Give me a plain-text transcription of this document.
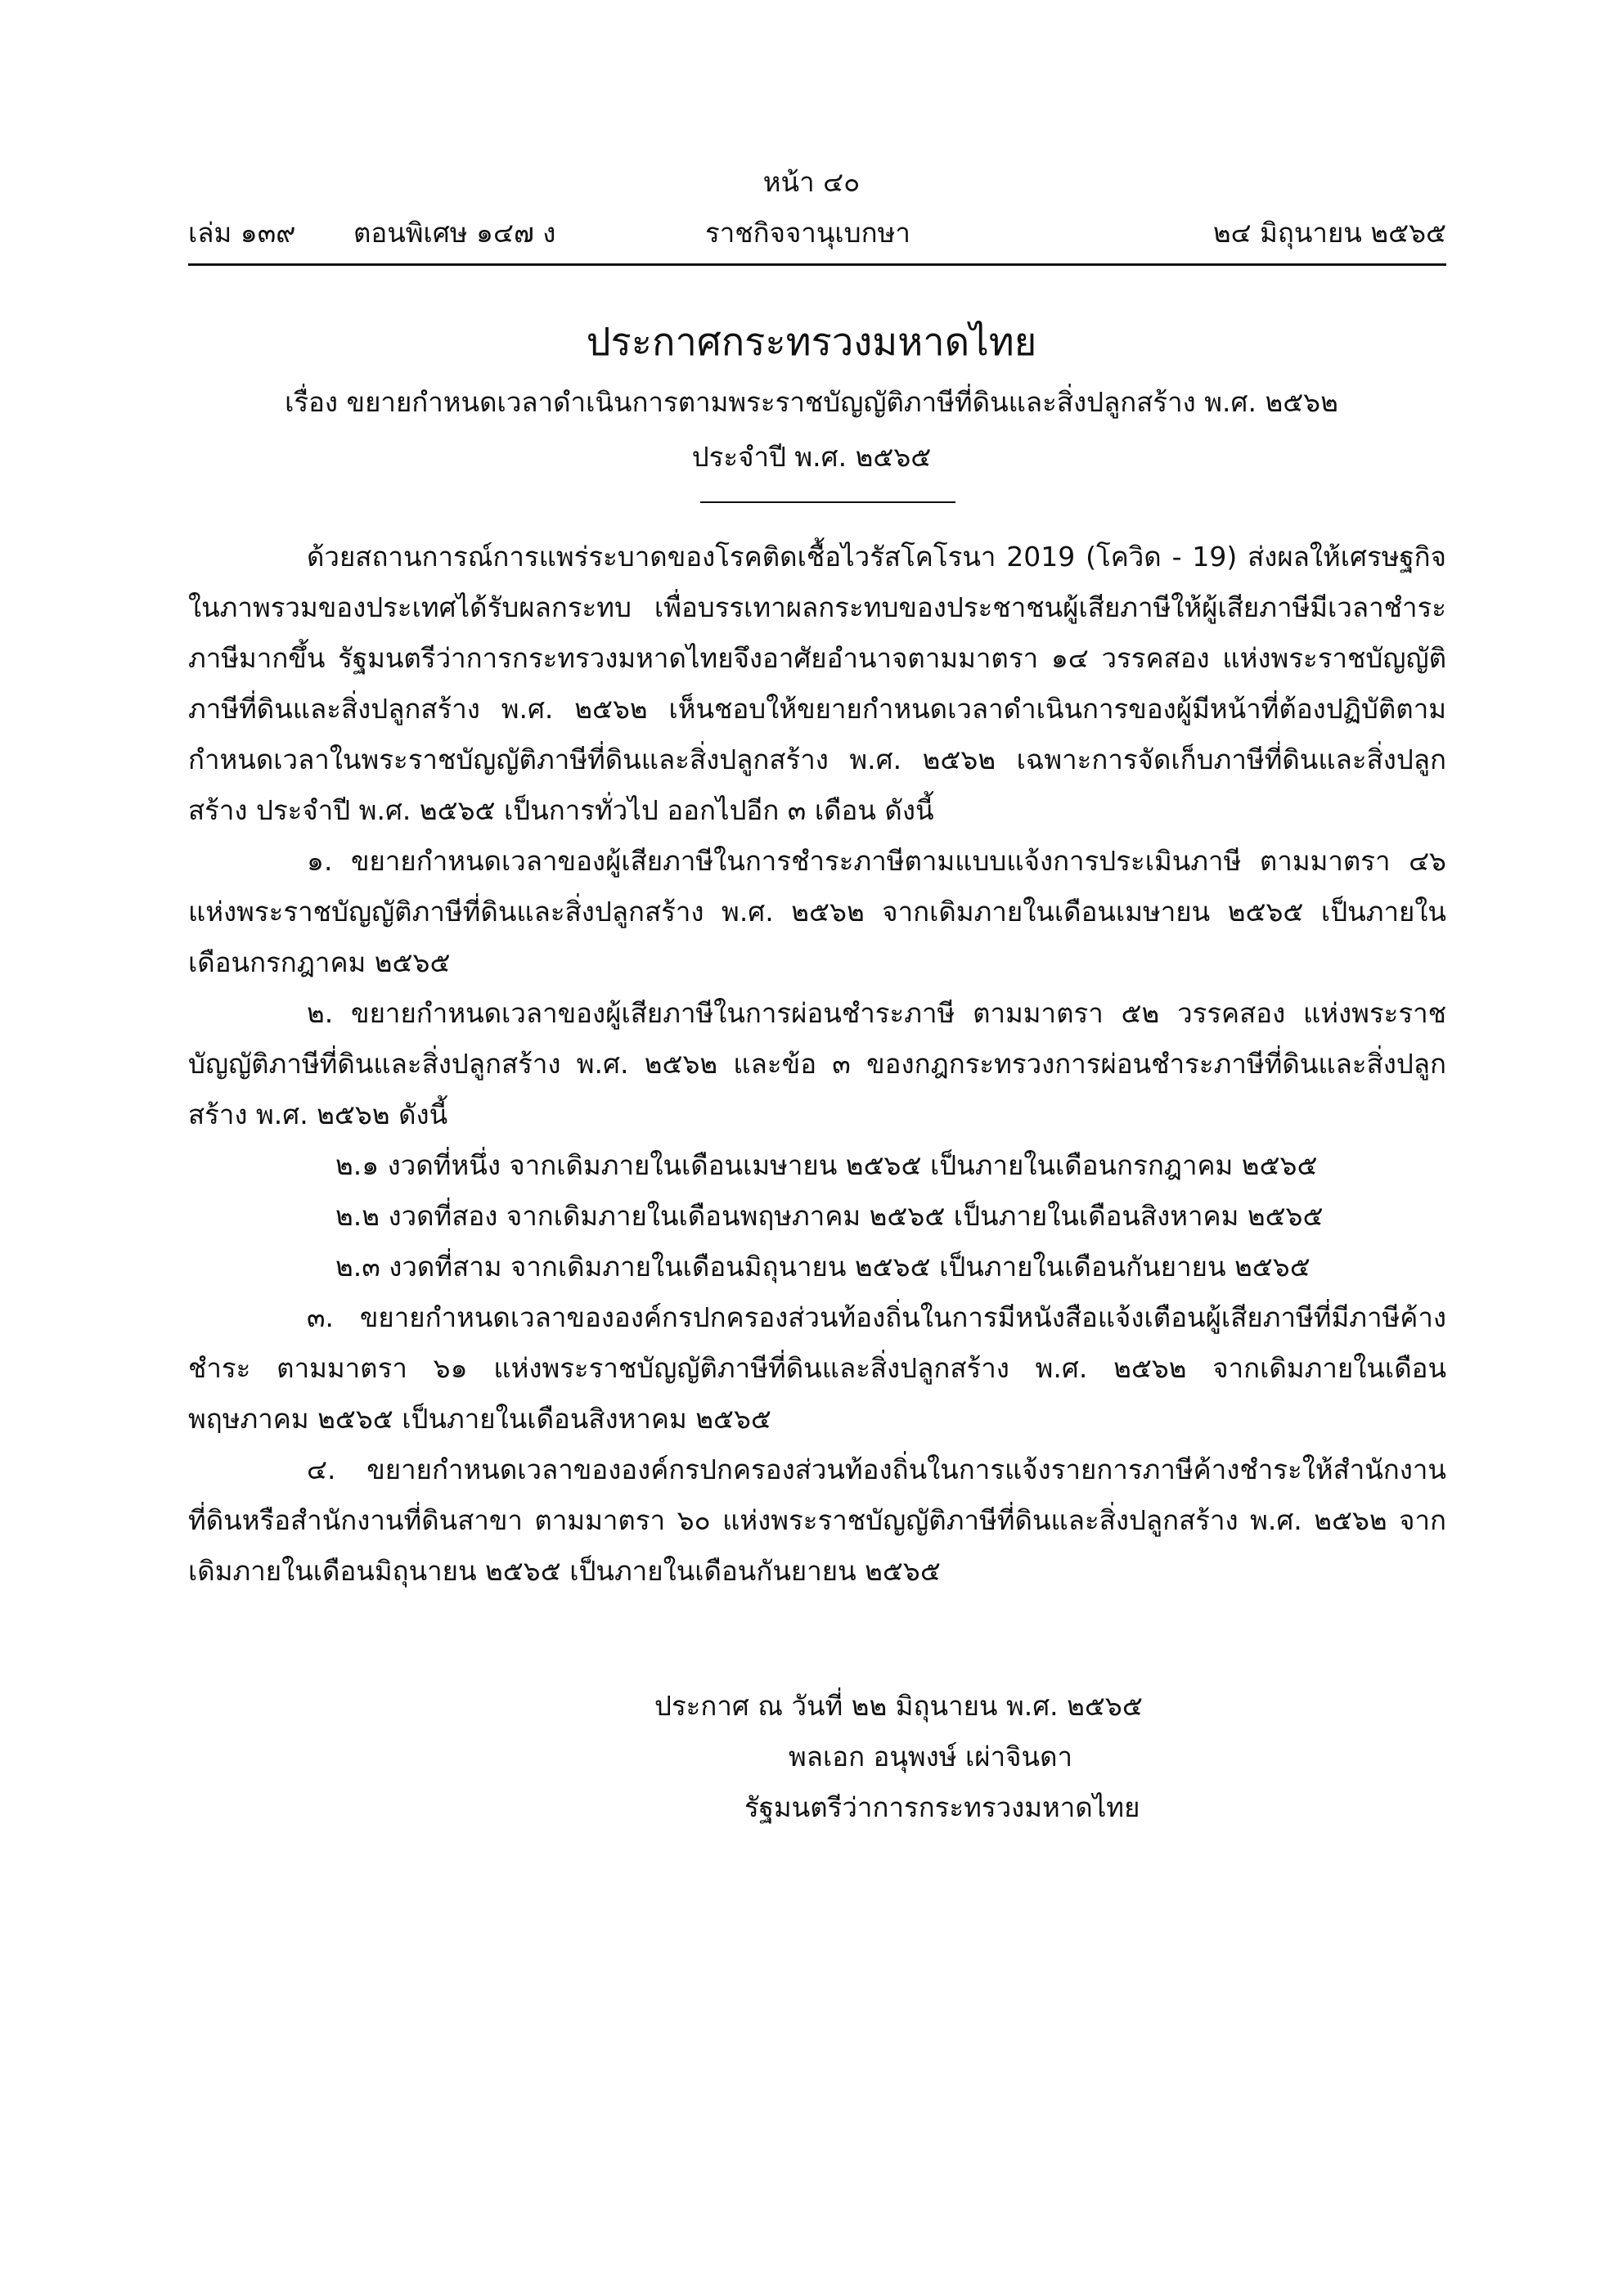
หน้า ๔๐
เล่ม ๑๓๙ ตอนพิเศษ ๑๔๗ ง	ราชกิจจานุเบกษา	๒๔ มิถุนายน ๒๕๖๕
ประกาศกระทรวงมหาดไทย
เรื่อง ขยายกำหนดเวลาดำเนินการตามพระราชบัญญัติภาษีที่ดินและสิ่งปลูกสร้าง พ.ศ. ๒๕๖๒
ประจำปี พ.ศ. ๒๕๖๕

ด้วยสถานการณ์การแพร่ระบาดของโรคติดเชื้อไวรัสโคโรนา 2019 (โควิด - 19) ส่งผลให้เศรษฐกิจในภาพรวมของประเทศได้รับผลกระทบ เพื่อบรรเทาผลกระทบของประชาชนผู้เสียภาษีให้ผู้เสียภาษีมีเวลาชำระภาษีมากขึ้น รัฐมนตรีว่าการกระทรวงมหาดไทยจึงอาศัยอำนาจตามมาตรา ๑๔ วรรคสอง แห่งพระราชบัญญัติภาษีที่ดินและสิ่งปลูกสร้าง พ.ศ. ๒๕๖๒ เห็นชอบให้ขยายกำหนดเวลาดำเนินการของผู้มีหน้าที่ต้องปฏิบัติตามกำหนดเวลาในพระราชบัญญัติภาษีที่ดินและสิ่งปลูกสร้าง พ.ศ. ๒๕๖๒ เฉพาะการจัดเก็บภาษีที่ดินและสิ่งปลูกสร้าง ประจำปี พ.ศ. ๒๕๖๕ เป็นการทั่วไป ออกไปอีก ๓ เดือน ดังนี้

๑. ขยายกำหนดเวลาของผู้เสียภาษีในการชำระภาษีตามแบบแจ้งการประเมินภาษี ตามมาตรา ๔๖ แห่งพระราชบัญญัติภาษีที่ดินและสิ่งปลูกสร้าง พ.ศ. ๒๕๖๒ จากเดิมภายในเดือนเมษายน ๒๕๖๕ เป็นภายในเดือนกรกฎาคม ๒๕๖๕

๒. ขยายกำหนดเวลาของผู้เสียภาษีในการผ่อนชำระภาษี ตามมาตรา ๕๒ วรรคสอง แห่งพระราชบัญญัติภาษีที่ดินและสิ่งปลูกสร้าง พ.ศ. ๒๕๖๒ และข้อ ๓ ของกฎกระทรวงการผ่อนชำระภาษีที่ดินและสิ่งปลูกสร้าง พ.ศ. ๒๕๖๒ ดังนี้

๒.๑ งวดที่หนึ่ง จากเดิมภายในเดือนเมษายน ๒๕๖๕ เป็นภายในเดือนกรกฎาคม ๒๕๖๕

๒.๒ งวดที่สอง จากเดิมภายในเดือนพฤษภาคม ๒๕๖๕ เป็นภายในเดือนสิงหาคม ๒๕๖๕

๒.๓ งวดที่สาม จากเดิมภายในเดือนมิถุนายน ๒๕๖๕ เป็นภายในเดือนกันยายน ๒๕๖๕

๓. ขยายกำหนดเวลาขององค์กรปกครองส่วนท้องถิ่นในการมีหนังสือแจ้งเตือนผู้เสียภาษีที่มีภาษีค้างชำระ ตามมาตรา ๖๑ แห่งพระราชบัญญัติภาษีที่ดินและสิ่งปลูกสร้าง พ.ศ. ๒๕๖๒ จากเดิมภายในเดือนพฤษภาคม ๒๕๖๕ เป็นภายในเดือนสิงหาคม ๒๕๖๕

๔. ขยายกำหนดเวลาขององค์กรปกครองส่วนท้องถิ่นในการแจ้งรายการภาษีค้างชำระให้สำนักงานที่ดินหรือสำนักงานที่ดินสาขา ตามมาตรา ๖๐ แห่งพระราชบัญญัติภาษีที่ดินและสิ่งปลูกสร้าง พ.ศ. ๒๕๖๒ จากเดิมภายในเดือนมิถุนายน ๒๕๖๕ เป็นภายในเดือนกันยายน ๒๕๖๕

ประกาศ ณ วันที่ ๒๒ มิถุนายน พ.ศ. ๒๕๖๕
พลเอก อนุพงษ์ เผ่าจินดา
รัฐมนตรีว่าการกระทรวงมหาดไทย
